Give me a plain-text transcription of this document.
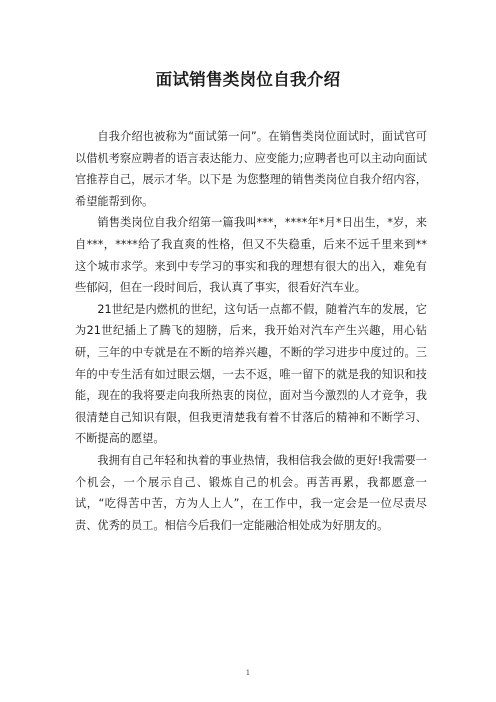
面试销售类岗位自我介绍

自我介绍也被称为“面试第一问”。在销售类岗位面试时，面试官可以借机考察应聘者的语言表达能力、应变能力;应聘者也可以主动向面试官推荐自己，展示才华。以下是 为您整理的销售类岗位自我介绍内容，希望能帮到你。

销售类岗位自我介绍第一篇我叫***，****年*月*日出生，*岁，来自***，****给了我直爽的性格，但又不失稳重，后来不远千里来到**这个城市求学。来到中专学习的事实和我的理想有很大的出入，难免有些郁闷，但在一段时间后，我认真了事实，很看好汽车业。

21世纪是内燃机的世纪，这句话一点都不假，随着汽车的发展，它为21世纪插上了腾飞的翅膀，后来，我开始对汽车产生兴趣，用心钻研，三年的中专就是在不断的培养兴趣，不断的学习进步中度过的。三年的中专生活有如过眼云烟，一去不返，唯一留下的就是我的知识和技能，现在的我将要走向我所热衷的岗位，面对当今激烈的人才竞争，我很清楚自己知识有限，但我更清楚我有着不甘落后的精神和不断学习、不断提高的愿望。

我拥有自己年轻和执着的事业热情，我相信我会做的更好!我需要一个机会，一个展示自己、锻炼自己的机会。再苦再累，我都愿意一试，“吃得苦中苦，方为人上人”，在工作中，我一定会是一位尽责尽责、优秀的员工。相信今后我们一定能融洽相处成为好朋友的。

1
